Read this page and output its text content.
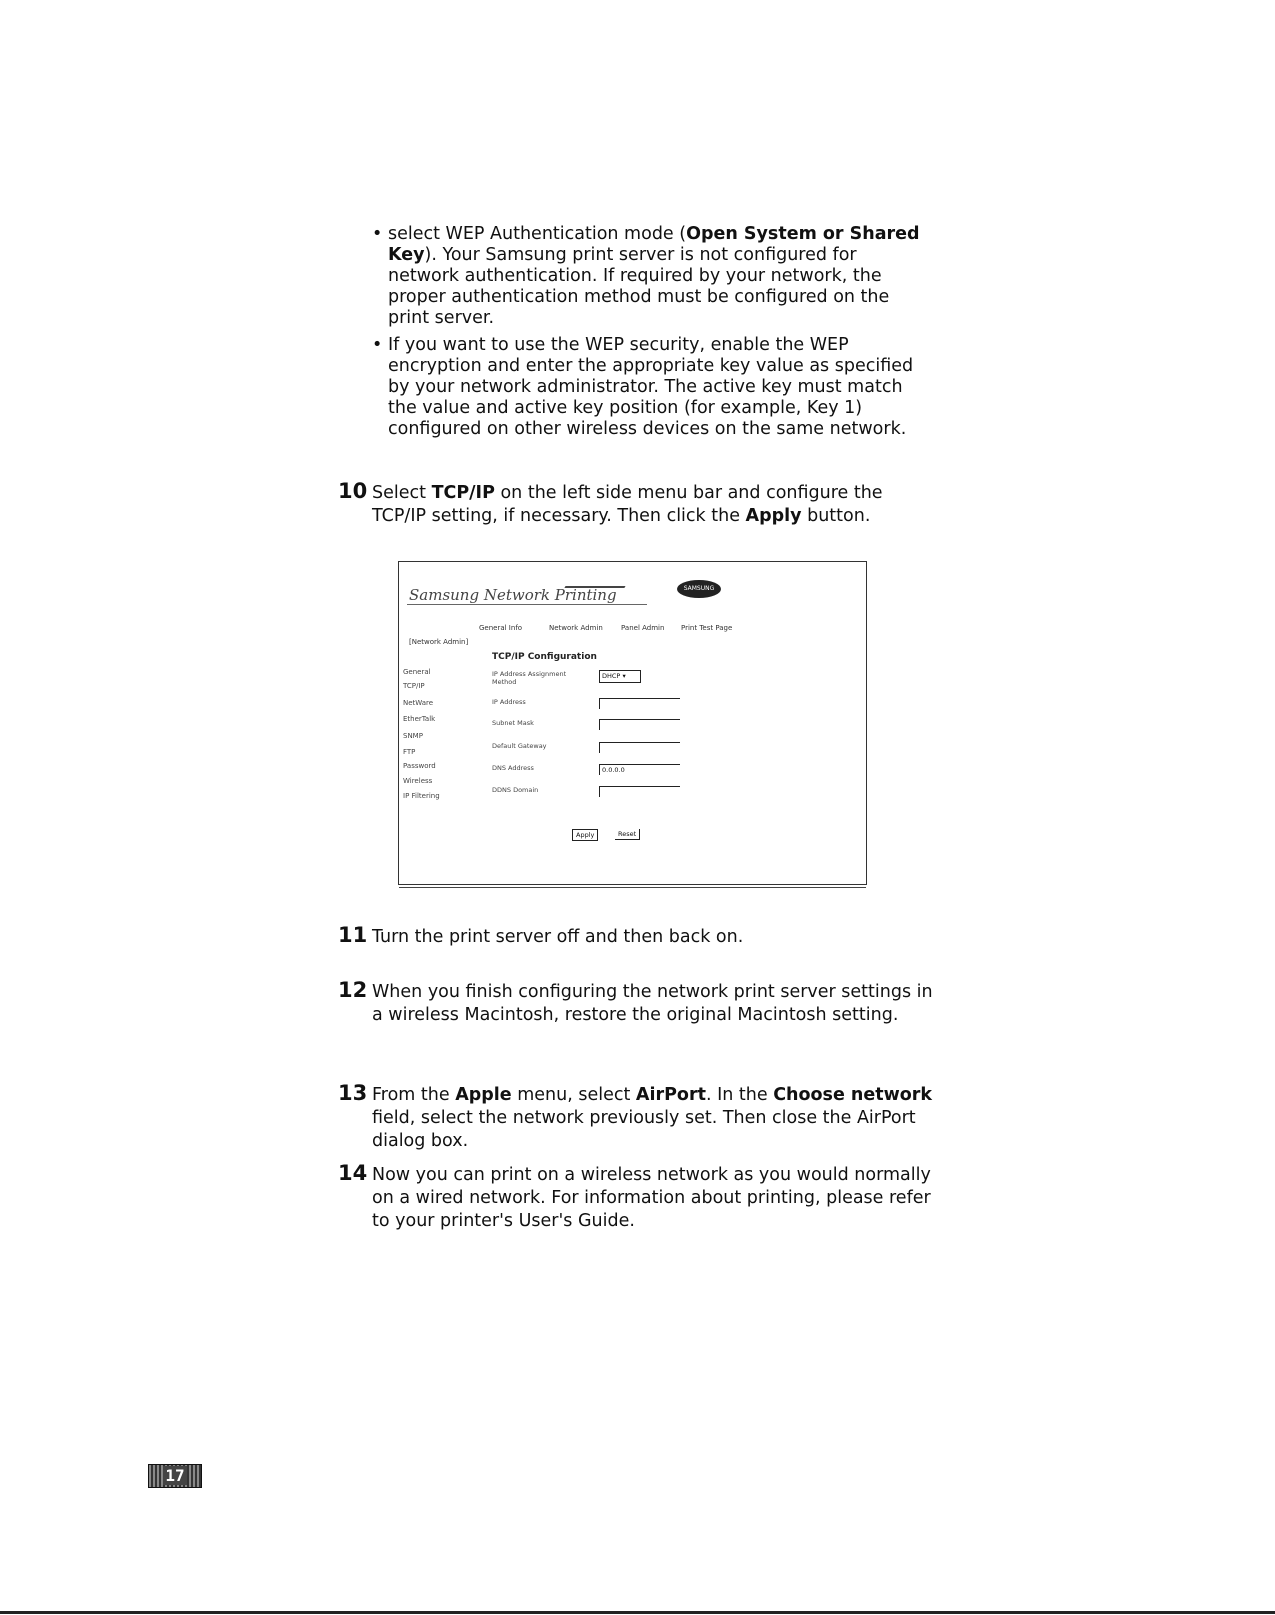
• select WEP Authentication mode (Open System or Shared Key). Your Samsung print server is not configured for network authentication. If required by your network, the proper authentication method must be configured on the print server.
• If you want to use the WEP security, enable the WEP encryption and enter the appropriate key value as specified by your network administrator. The active key must match the value and active key position (for example, Key 1) configured on other wireless devices on the same network.
10 Select TCP/IP on the left side menu bar and configure the TCP/IP setting, if necessary. Then click the Apply button.
Samsung Network Printing	SAMSUNG
General Info	Network Admin	Panel Admin Print Test Page
[Network Admin]
General
TCP/IP
NetWare
EtherTalk
SNMP
FTP
Password
Wireless
IP Filtering
TCP/IP Configuration
IP Address Assignment Method
DHCP ▾
IP Address
Subnet Mask
Default Gateway
DNS Address	0.0.0.0
DDNS Domain
Apply	Reset
11 Turn the print server off and then back on.
12 When you finish configuring the network print server settings in a wireless Macintosh, restore the original Macintosh setting.
13 From the Apple menu, select AirPort. In the Choose network field, select the network previously set. Then close the AirPort dialog box.
14 Now you can print on a wireless network as you would normally on a wired network. For information about printing, please refer to your printer's User's Guide.
17
